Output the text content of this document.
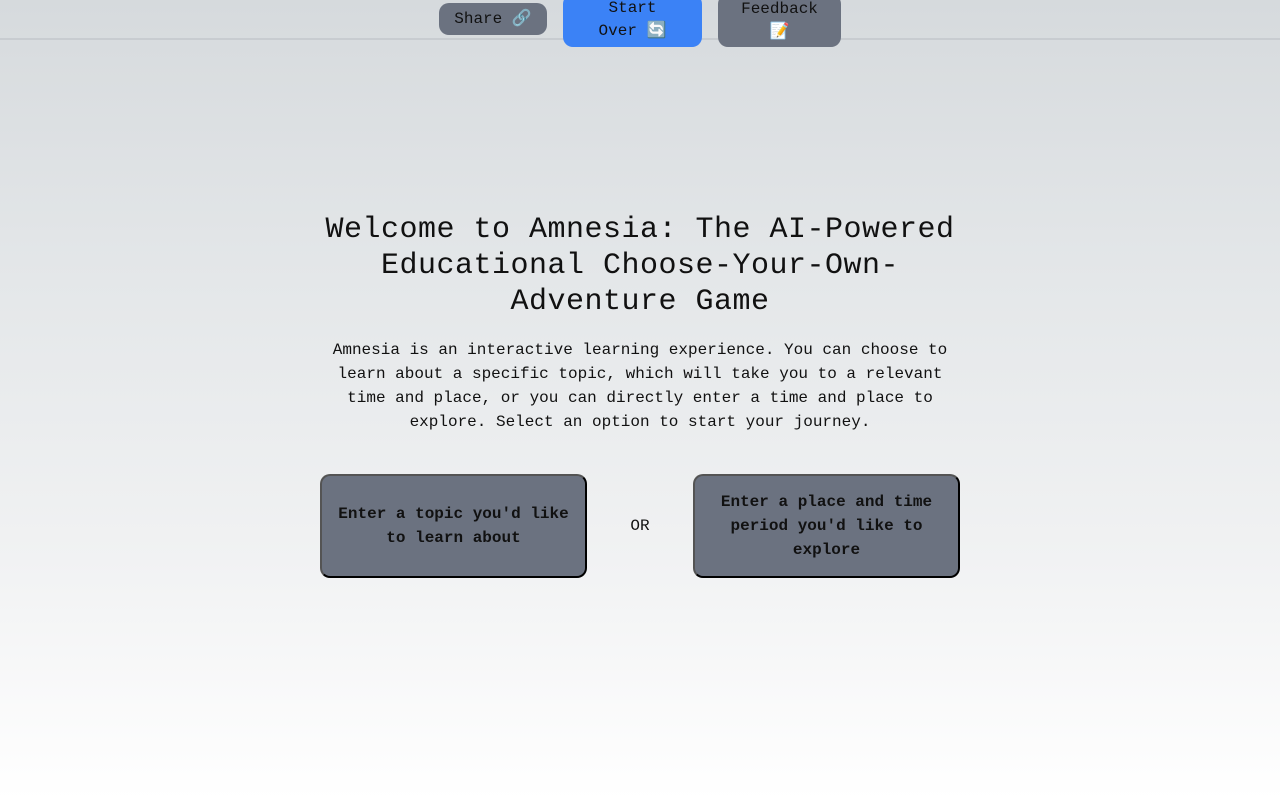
Share 🔗
Start
Over 🔄
Feedback
📝
Welcome to Amnesia: The AI-Powered Educational Choose-Your-Own-Adventure Game

Amnesia is an interactive learning experience. You can choose to learn about a specific topic, which will take you to a relevant time and place, or you can directly enter a time and place to explore. Select an option to start your journey.

Enter a topic you'd like to learn about
OR
Enter a place and time period you'd like to explore
